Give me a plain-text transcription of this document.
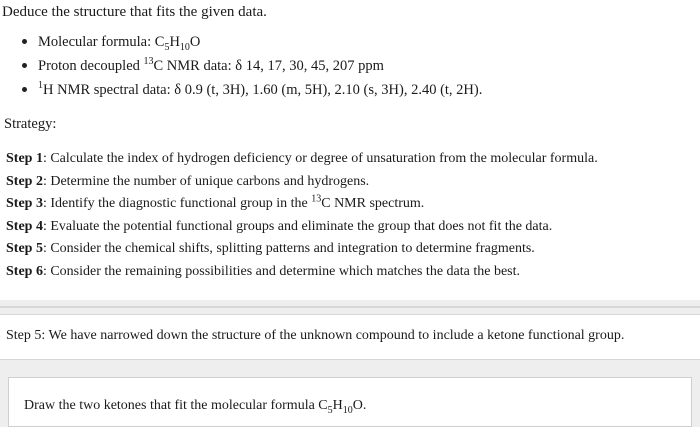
Deduce the structure that fits the given data.
Molecular formula: $C_5H_{10}O$
Proton decoupled $^{13}$C NMR data: δ 14, 17, 30, 45, 207 ppm
$^1$H NMR spectral data: δ 0.9 (t, 3H), 1.60 (m, 5H), 2.10 (s, 3H), 2.40 (t, 2H).
Strategy:
Step 1: Calculate the index of hydrogen deficiency or degree of unsaturation from the molecular formula.
Step 2: Determine the number of unique carbons and hydrogens.
Step 3: Identify the diagnostic functional group in the $^{13}$C NMR spectrum.
Step 4: Evaluate the potential functional groups and eliminate the group that does not fit the data.
Step 5: Consider the chemical shifts, splitting patterns and integration to determine fragments.
Step 6: Consider the remaining possibilities and determine which matches the data the best.
Step 5: We have narrowed down the structure of the unknown compound to include a ketone functional group.
Draw the two ketones that fit the molecular formula $C_5H_{10}O$.
